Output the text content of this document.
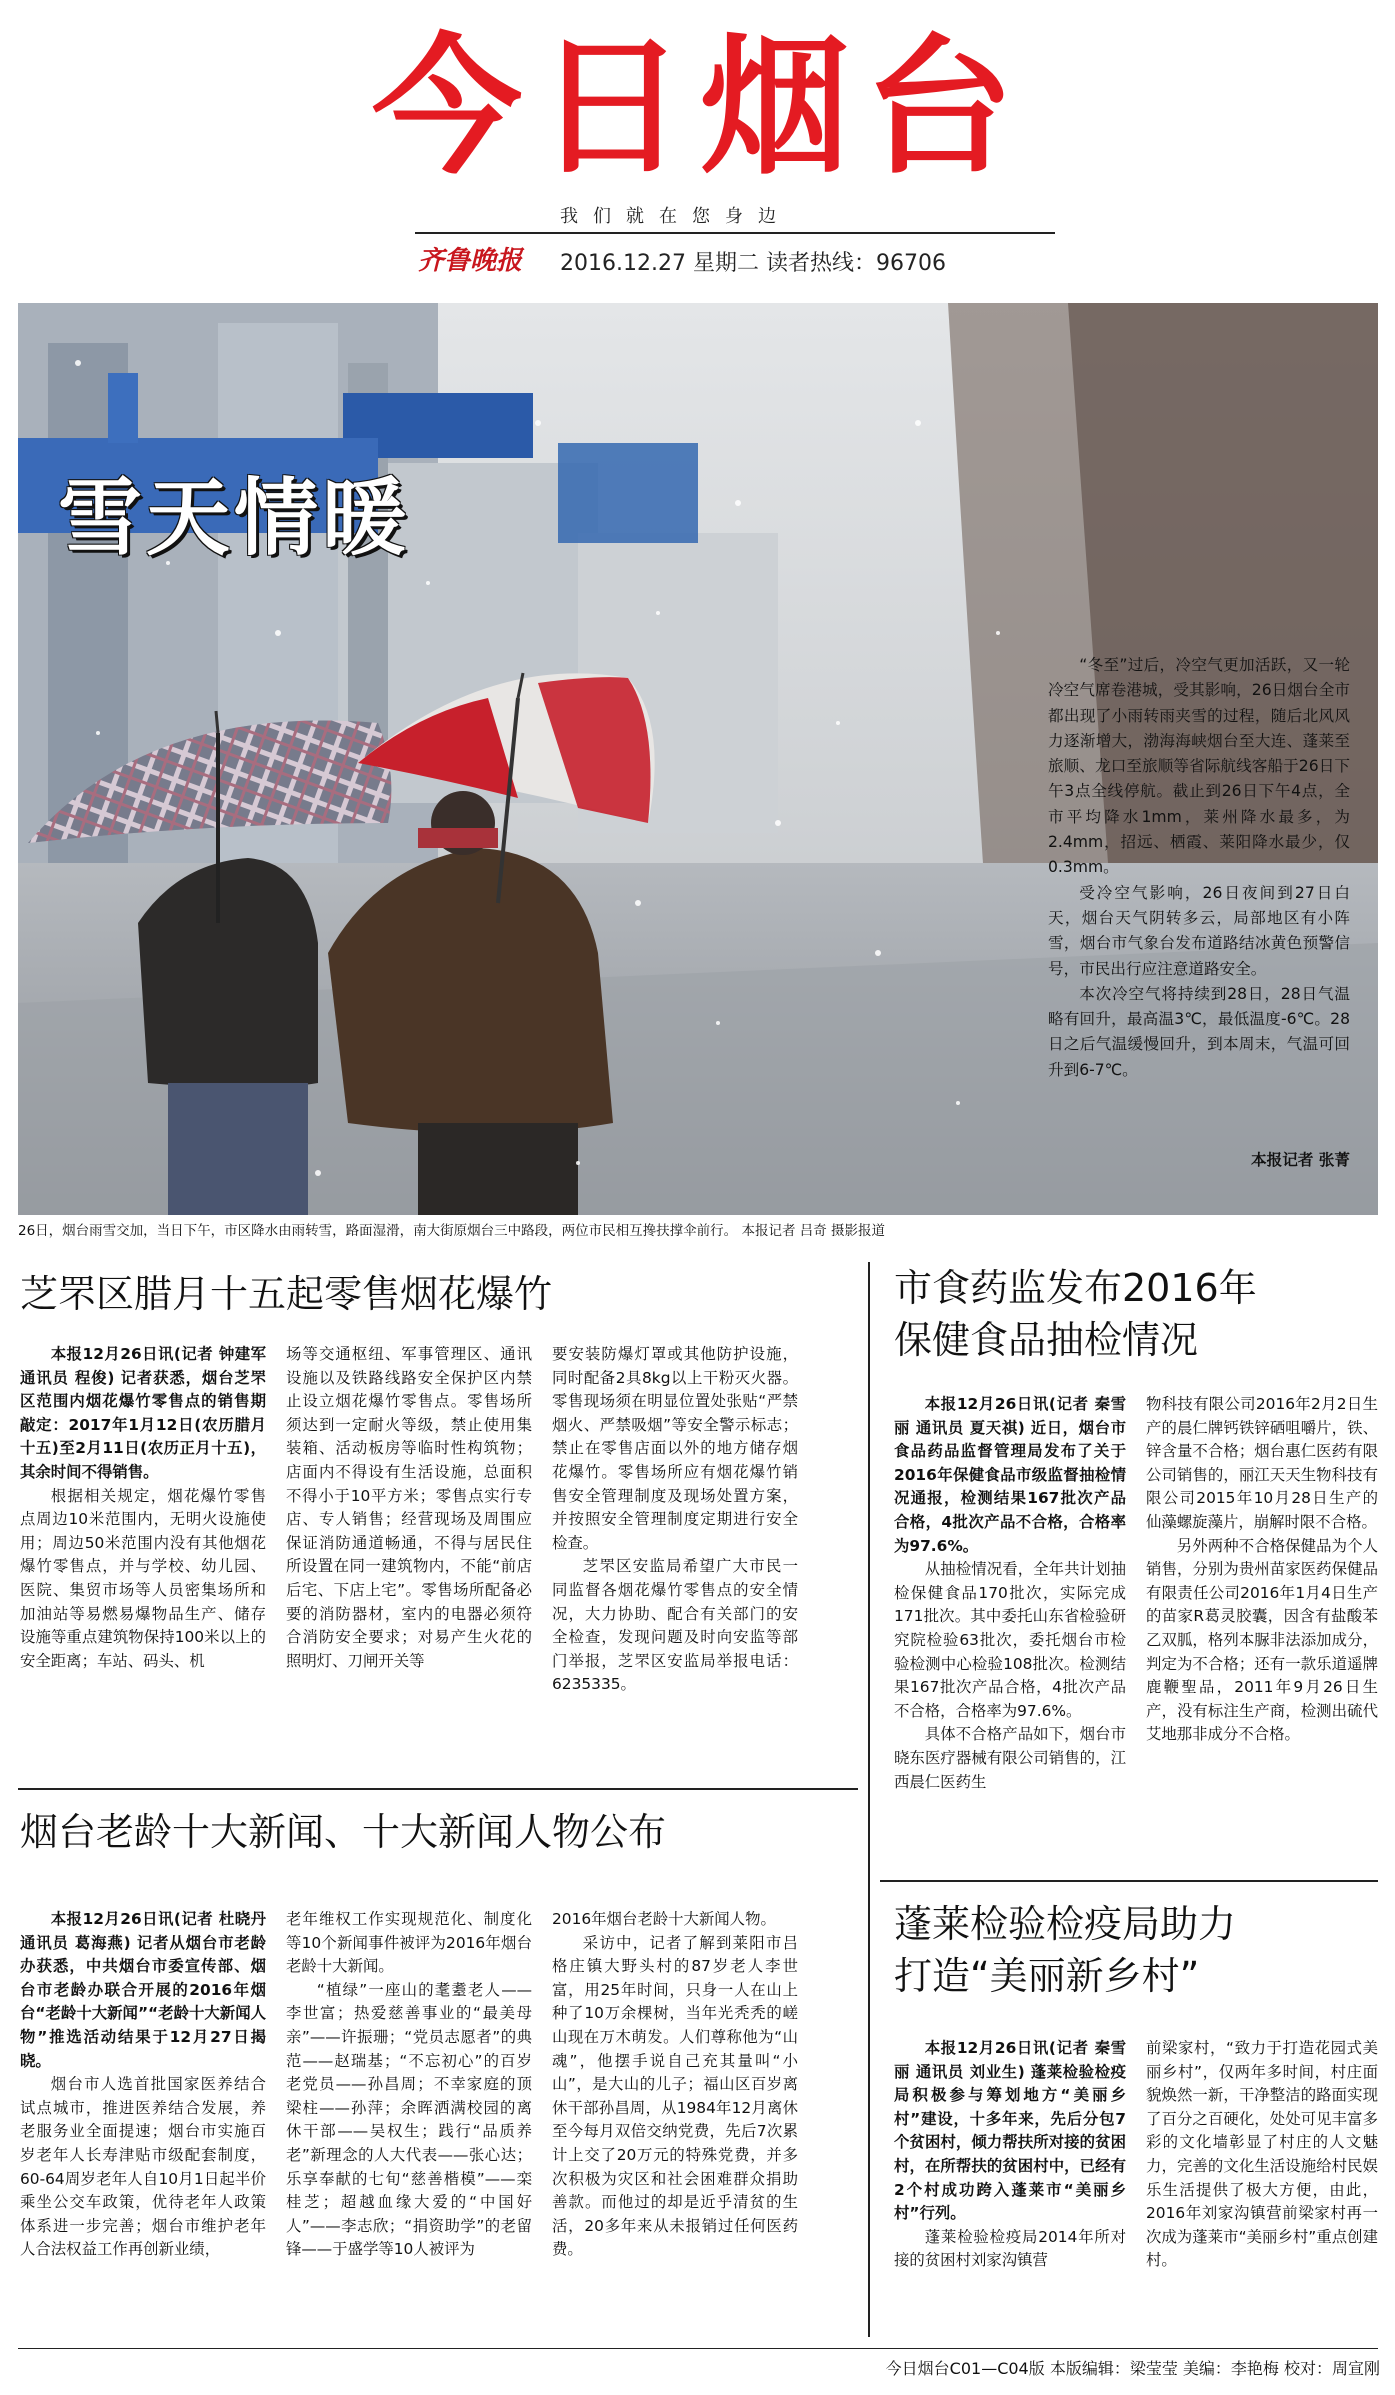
今日烟台
我们就在您身边
齐鲁晚报 2016.12.27 星期二 读者热线：96706
雪天情暖

“冬至”过后，冷空气更加活跃，又一轮冷空气席卷港城，受其影响，26日烟台全市都出现了小雨转雨夹雪的过程，随后北风风力逐渐增大，渤海海峡烟台至大连、蓬莱至旅顺、龙口至旅顺等省际航线客船于26日下午3点全线停航。截止到26日下午4点，全市平均降水1mm，莱州降水最多，为2.4mm，招远、栖霞、莱阳降水最少，仅0.3mm。

受冷空气影响，26日夜间到27日白天，烟台天气阴转多云，局部地区有小阵雪，烟台市气象台发布道路结冰黄色预警信号，市民出行应注意道路安全。

本次冷空气将持续到28日，28日气温略有回升，最高温3℃，最低温度-6℃。28日之后气温缓慢回升，到本周末，气温可回升到6-7℃。

本报记者 张菁
26日，烟台雨雪交加，当日下午，市区降水由雨转雪，路面湿滑，南大街原烟台三中路段，两位市民相互搀扶撑伞前行。 本报记者 吕奇 摄影报道
芝罘区腊月十五起零售烟花爆竹

本报12月26日讯(记者 钟建军 通讯员 程俊) 记者获悉，烟台芝罘区范围内烟花爆竹零售点的销售期敲定：2017年1月12日(农历腊月十五)至2月11日(农历正月十五)，其余时间不得销售。

根据相关规定，烟花爆竹零售点周边10米范围内，无明火设施使用；周边50米范围内没有其他烟花爆竹零售点，并与学校、幼儿园、医院、集贸市场等人员密集场所和加油站等易燃易爆物品生产、储存设施等重点建筑物保持100米以上的安全距离；车站、码头、机

场等交通枢纽、军事管理区、通讯设施以及铁路线路安全保护区内禁止设立烟花爆竹零售点。零售场所须达到一定耐火等级，禁止使用集装箱、活动板房等临时性构筑物；店面内不得设有生活设施，总面积不得小于10平方米；零售点实行专店、专人销售；经营现场及周围应保证消防通道畅通，不得与居民住所设置在同一建筑物内，不能“前店后宅、下店上宅”。零售场所配备必要的消防器材，室内的电器必须符合消防安全要求；对易产生火花的照明灯、刀闸开关等

要安装防爆灯罩或其他防护设施，同时配备2具8kg以上干粉灭火器。零售现场须在明显位置处张贴“严禁烟火、严禁吸烟”等安全警示标志；禁止在零售店面以外的地方储存烟花爆竹。零售场所应有烟花爆竹销售安全管理制度及现场处置方案，并按照安全管理制度定期进行安全检查。

芝罘区安监局希望广大市民一同监督各烟花爆竹零售点的安全情况，大力协助、配合有关部门的安全检查，发现问题及时向安监等部门举报，芝罘区安监局举报电话：6235335。

市食药监发布2016年
保健食品抽检情况

本报12月26日讯(记者 秦雪丽 通讯员 夏天祺) 近日，烟台市食品药品监督管理局发布了关于2016年保健食品市级监督抽检情况通报，检测结果167批次产品合格，4批次产品不合格，合格率为97.6%。

从抽检情况看，全年共计划抽检保健食品170批次，实际完成171批次。其中委托山东省检验研究院检验63批次，委托烟台市检验检测中心检验108批次。检测结果167批次产品合格，4批次产品不合格，合格率为97.6%。

具体不合格产品如下，烟台市晓东医疗器械有限公司销售的，江西晨仁医药生

物科技有限公司2016年2月2日生产的晨仁牌钙铁锌硒咀嚼片，铁、锌含量不合格；烟台惠仁医药有限公司销售的，丽江天天生物科技有限公司2015年10月28日生产的仙藻螺旋藻片，崩解时限不合格。

另外两种不合格保健品为个人销售，分别为贵州苗家医药保健品有限责任公司2016年1月4日生产的苗家R葛灵胶囊，因含有盐酸苯乙双胍，格列本脲非法添加成分，判定为不合格；还有一款乐道遥牌鹿鞭聖品，2011年9月26日生产，没有标注生产商，检测出硫代艾地那非成分不合格。

烟台老龄十大新闻、十大新闻人物公布

本报12月26日讯(记者 杜晓丹 通讯员 葛海燕) 记者从烟台市老龄办获悉，中共烟台市委宣传部、烟台市老龄办联合开展的2016年烟台“老龄十大新闻”“老龄十大新闻人物”推选活动结果于12月27日揭晓。

烟台市人选首批国家医养结合试点城市，推进医养结合发展，养老服务业全面提速；烟台市实施百岁老年人长寿津贴市级配套制度，60-64周岁老年人自10月1日起半价乘坐公交车政策，优待老年人政策体系进一步完善；烟台市维护老年人合法权益工作再创新业绩，

老年维权工作实现规范化、制度化等10个新闻事件被评为2016年烟台老龄十大新闻。

“植绿”一座山的耄耋老人——李世富；热爱慈善事业的“最美母亲”——许振珊；“党员志愿者”的典范——赵瑞基；“不忘初心”的百岁老党员——孙昌周；不幸家庭的顶梁柱——孙萍；余晖洒满校园的离休干部——吴权生；践行“品质养老”新理念的人大代表——张心达；乐享奉献的七旬“慈善楷模”——栾桂芝；超越血缘大爱的“中国好人”——李志欣；“捐资助学”的老留锋——于盛学等10人被评为

2016年烟台老龄十大新闻人物。

采访中，记者了解到莱阳市吕格庄镇大野头村的87岁老人李世富，用25年时间，只身一人在山上种了10万余棵树，当年光秃秃的嵯山现在万木萌发。人们尊称他为“山魂”，他摆手说自己充其量叫“小山”，是大山的儿子；福山区百岁离休干部孙昌周，从1984年12月离休至今每月双倍交纳党费，先后7次累计上交了20万元的特殊党费，并多次积极为灾区和社会困难群众捐助善款。而他过的却是近乎清贫的生活，20多年来从未报销过任何医药费。

蓬莱检验检疫局助力
打造“美丽新乡村”

本报12月26日讯(记者 秦雪丽 通讯员 刘业生) 蓬莱检验检疫局积极参与筹划地方“美丽乡村”建设，十多年来，先后分包7个贫困村，倾力帮扶所对接的贫困村，在所帮扶的贫困村中，已经有2个村成功跨入蓬莱市“美丽乡村”行列。

蓬莱检验检疫局2014年所对接的贫困村刘家沟镇营

前梁家村，“致力于打造花园式美丽乡村”，仅两年多时间，村庄面貌焕然一新，干净整洁的路面实现了百分之百硬化，处处可见丰富多彩的文化墙彰显了村庄的人文魅力，完善的文化生活设施给村民娱乐生活提供了极大方便，由此，2016年刘家沟镇营前梁家村再一次成为蓬莱市“美丽乡村”重点创建村。

今日烟台C01—C04版 本版编辑：梁莹莹 美编：李艳梅 校对：周宣刚
